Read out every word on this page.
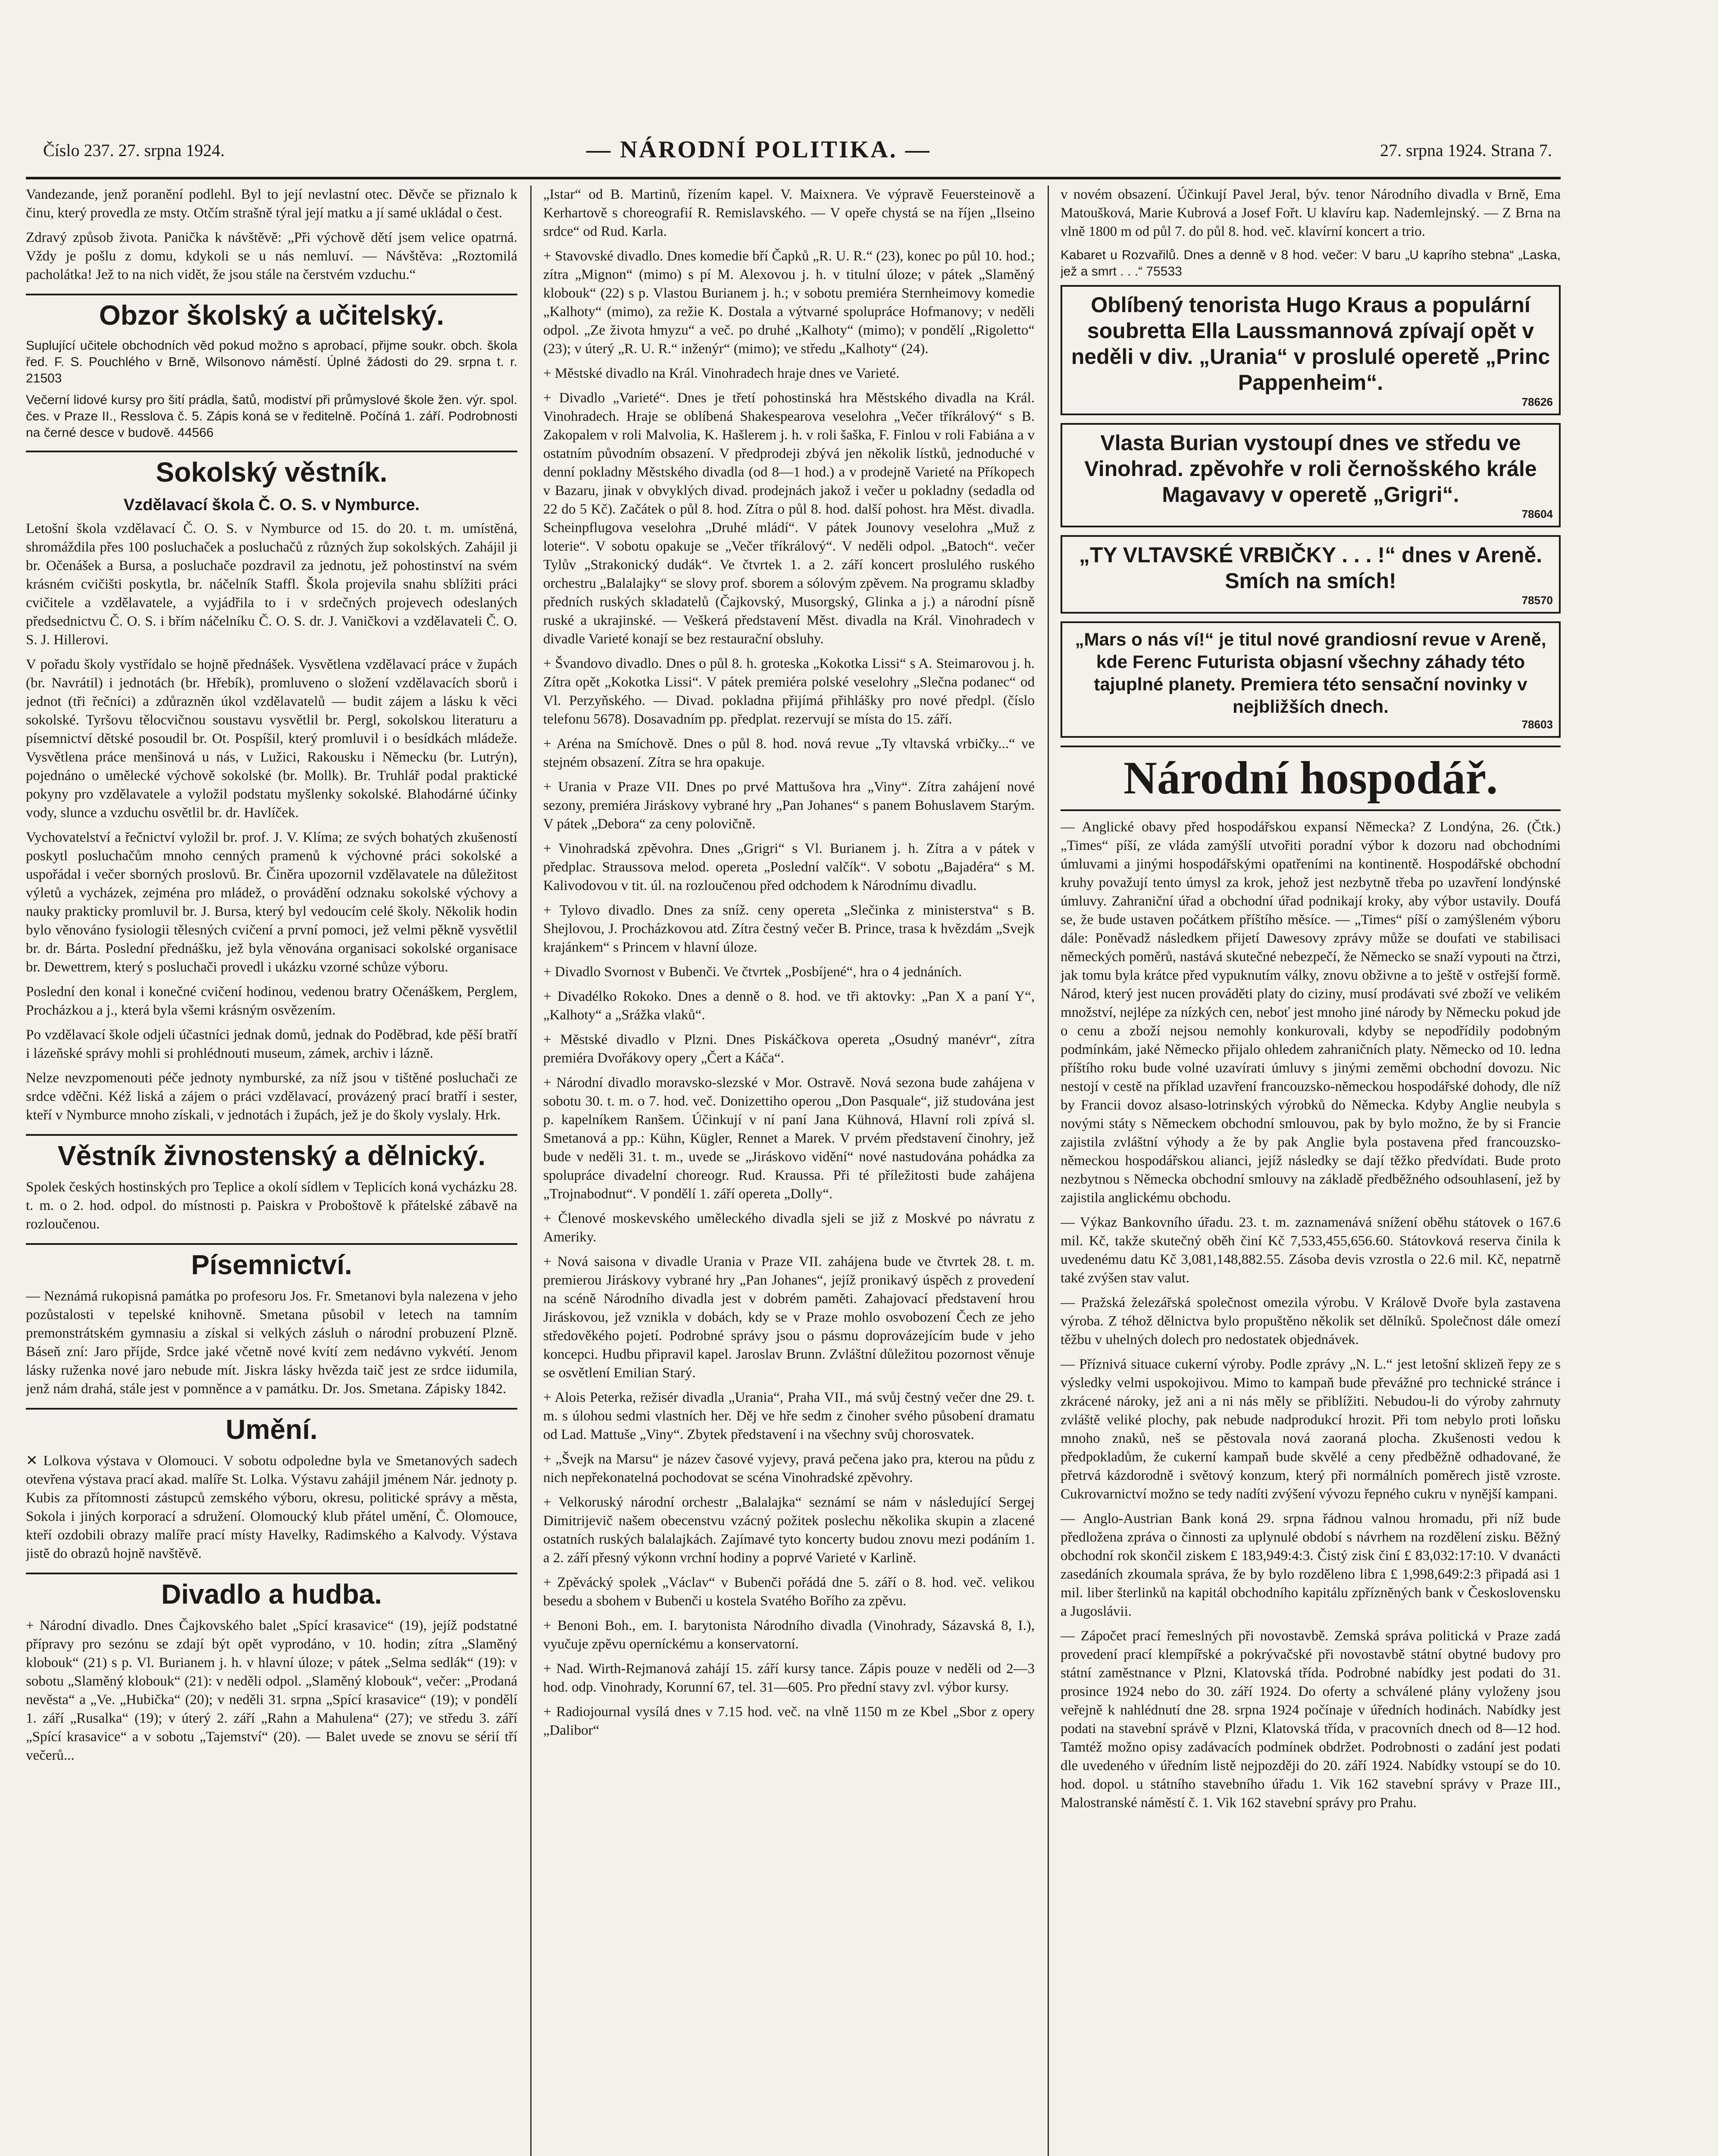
Číslo 237. 27. srpna 1924.	— NÁRODNÍ POLITIKA. —	27. srpna 1924. Strana 7.

Vandezande, jenž poranění podlehl. Byl to její nevlastní otec. Děvče se přiznalo k činu, který provedla ze msty. Otčím strašně týral její matku a jí samé ukládal o čest.

Zdravý způsob života. Panička k návštěvě: „Při výchově dětí jsem velice opatrná. Vždy je pošlu z domu, kdykoli se u nás nemluví. — Návštěva: „Roztomilá pacholátka! Jež to na nich vidět, že jsou stále na čerstvém vzduchu.“

Obzor školský a učitelský.

Suplující učitele obchodních věd pokud možno s aprobací, přijme soukr. obch. škola řed. F. S. Pouchlého v Brně, Wilsonovo náměstí. Úplné žádosti do 29. srpna t. r. 21503

Večerní lidové kursy pro šití prádla, šatů, modiství při průmyslové škole žen. výr. spol. čes. v Praze II., Resslova č. 5. Zápis koná se v ředitelně. Počíná 1. září. Podrobnosti na černé desce v budově. 44566

Sokolský věstník.
Vzdělavací škola Č. O. S. v Nymburce.

Letošní škola vzdělavací Č. O. S. v Nymburce od 15. do 20. t. m. umístěná, shromáždila přes 100 posluchaček a posluchačů z různých žup sokolských. Zahájil ji br. Očenášek a Bursa, a posluchače pozdravil za jednotu, jež pohostinství na svém krásném cvičišti poskytla, br. náčelník Staffl. Škola projevila snahu sblížiti práci cvičitele a vzdělavatele, a vyjádřila to i v srdečných projevech odeslaných předsednictvu Č. O. S. i břím náčelníku Č. O. S. dr. J. Vaničkovi a vzdělavateli Č. O. S. J. Hillerovi.

V pořadu školy vystřídalo se hojně přednášek. Vysvětlena vzdělavací práce v župách (br. Navrátil) i jednotách (br. Hřebík), promluveno o složení vzdělavacích sborů i jednot (tři řečníci) a zdůrazněn úkol vzdělavatelů — budit zájem a lásku k věci sokolské. Tyršovu tělocvičnou soustavu vysvětlil br. Pergl, sokolskou literaturu a písemnictví dětské posoudil br. Ot. Pospíšil, který promluvil i o besídkách mládeže. Vysvětlena práce menšinová u nás, v Lužici, Rakousku i Německu (br. Lutrýn), pojednáno o umělecké výchově sokolské (br. Mollk). Br. Truhlář podal praktické pokyny pro vzdělavatele a vyložil podstatu myšlenky sokolské. Blahodárné účinky vody, slunce a vzduchu osvětlil br. dr. Havlíček.

Vychovatelství a řečnictví vyložil br. prof. J. V. Klíma; ze svých bohatých zkušeností poskytl posluchačům mnoho cenných pramenů k výchovné práci sokolské a uspořádal i večer sborných proslovů. Br. Činěra upozornil vzdělavatele na důležitost výletů a vycházek, zejména pro mládež, o provádění odznaku sokolské výchovy a nauky prakticky promluvil br. J. Bursa, který byl vedoucím celé školy. Několik hodin bylo věnováno fysiologii tělesných cvičení a první pomoci, jež velmi pěkně vysvětlil br. dr. Bárta. Poslední přednášku, jež byla věnována organisaci sokolské organisace br. Dewettrem, který s posluchači provedl i ukázku vzorné schůze výboru.

Poslední den konal i konečné cvičení hodinou, vedenou bratry Očenáškem, Perglem, Procházkou a j., která byla všemi krásným osvězením.

Po vzdělavací škole odjeli účastníci jednak domů, jednak do Poděbrad, kde pěší bratří i lázeňské správy mohli si prohlédnouti museum, zámek, archiv i lázně.

Nelze nevzpomenouti péče jednoty nymburské, za níž jsou v tištěné posluchači ze srdce vděčni. Kéž liská a zájem o práci vzdělavací, provázený prací bratří i sester, kteří v Nymburce mnoho získali, v jednotách i župách, jež je do školy vyslaly. Hrk.

Věstník živnostenský a dělnický.

Spolek českých hostinských pro Teplice a okolí sídlem v Teplicích koná vycházku 28. t. m. o 2. hod. odpol. do místnosti p. Paiskra v Proboštově k přátelské zábavě na rozloučenou.

Písemnictví.

— Neznámá rukopisná památka po profesoru Jos. Fr. Smetanovi byla nalezena v jeho pozůstalosti v tepelské knihovně. Smetana působil v letech na tamním premonstrátském gymnasiu a získal si velkých zásluh o národní probuzení Plzně. Báseň zní: Jaro příjde, Srdce jaké včetně nové kvítí zem nedávno vykvétí. Jenom lásky ruženka nové jaro nebude mít. Jiskra lásky hvězda taič jest ze srdce iidumila, jenž nám drahá, stále jest v pomněnce a v památku. Dr. Jos. Smetana. Zápisky 1842.

Umění.

✕ Lolkova výstava v Olomouci. V sobotu odpoledne byla ve Smetanových sadech otevřena výstava prací akad. malíře St. Lolka. Výstavu zahájil jménem Nár. jednoty p. Kubis za přítomnosti zástupců zemského výboru, okresu, politické správy a města, Sokola i jiných korporací a sdružení. Olomoucký klub přátel umění, Č. Olomouce, kteří ozdobili obrazy malíře prací místy Havelky, Radimského a Kalvody. Výstava jistě do obrazů hojně navštěvě.

Divadlo a hudba.

+ Národní divadlo. Dnes Čajkovského balet „Spící krasavice“ (19), jejíž podstatné přípravy pro sezónu se zdají být opět vyprodáno, v 10. hodin; zítra „Slaměný klobouk“ (21) s p. Vl. Burianem j. h. v hlavní úloze; v pátek „Selma sedlák“ (19): v sobotu „Slaměný klobouk“ (21): v neděli odpol. „Slaměný klobouk“, večer: „Prodaná nevěsta“ a „Ve. „Hubička“ (20); v neděli 31. srpna „Spící krasavice“ (19); v pondělí 1. září „Rusalka“ (19); v úterý 2. září „Rahn a Mahulena“ (27); ve středu 3. září „Spící krasavice“ a v sobotu „Tajemství“ (20). — Balet uvede se znovu se sérií tří večerů...

„Istar“ od B. Martinů, řízením kapel. V. Maixnera. Ve výpravě Feuersteinově a Kerhartově s choreografií R. Remislavského. — V opeře chystá se na říjen „Ilseino srdce“ od Rud. Karla.

+ Stavovské divadlo. Dnes komedie bří Čapků „R. U. R.“ (23), konec po půl 10. hod.; zítra „Mignon“ (mimo) s pí M. Alexovou j. h. v titulní úloze; v pátek „Slaměný klobouk“ (22) s p. Vlastou Burianem j. h.; v sobotu premiéra Sternheimovy komedie „Kalhoty“ (mimo), za režie K. Dostala a výtvarné spolupráce Hofmanovy; v neděli odpol. „Ze života hmyzu“ a več. po druhé „Kalhoty“ (mimo); v pondělí „Rigoletto“ (23); v úterý „R. U. R.“ inženýr“ (mimo); ve středu „Kalhoty“ (24).

+ Městské divadlo na Král. Vinohradech hraje dnes ve Varieté.

+ Divadlo „Varieté“. Dnes je třetí pohostinská hra Městského divadla na Král. Vinohradech. Hraje se oblíbená Shakespearova veselohra „Večer tříkrálový“ s B. Zakopalem v roli Malvolia, K. Hašlerem j. h. v roli šaška, F. Finlou v roli Fabiána a v ostatním původním obsazení. V předprodeji zbývá jen několik lístků, jednoduché v denní pokladny Městského divadla (od 8—1 hod.) a v prodejně Varieté na Příkopech v Bazaru, jinak v obvyklých divad. prodejnách jakož i večer u pokladny (sedadla od 22 do 5 Kč). Začátek o půl 8. hod. Zítra o půl 8. hod. další pohost. hra Měst. divadla. Scheinpflugova veselohra „Druhé mládí“. V pátek Jounovy veselohra „Muž z loterie“. V sobotu opakuje se „Večer tříkrálový“. V neděli odpol. „Batoch“. večer Tylův „Strakonický dudák“. Ve čtvrtek 1. a 2. září koncert proslulého ruského orchestru „Balalajky“ se slovy prof. sborem a sólovým zpěvem. Na programu skladby předních ruských skladatelů (Čajkovský, Musorgský, Glinka a j.) a národní písně ruské a ukrajinské. — Veškerá představení Měst. divadla na Král. Vinohradech v divadle Varieté konají se bez restaurační obsluhy.

+ Švandovo divadlo. Dnes o půl 8. h. groteska „Kokotka Lissi“ s A. Steimarovou j. h. Zítra opět „Kokotka Lissi“. V pátek premiéra polské veselohry „Slečna podanec“ od Vl. Perzyňského. — Divad. pokladna přijímá přihlášky pro nové předpl. (číslo telefonu 5678). Dosavadním pp. předplat. rezervují se místa do 15. září.

+ Aréna na Smíchově. Dnes o půl 8. hod. nová revue „Ty vltavská vrbičky...“ ve stejném obsazení. Zítra se hra opakuje.

+ Urania v Praze VII. Dnes po prvé Mattušova hra „Viny“. Zítra zahájení nové sezony, premiéra Jiráskovy vybrané hry „Pan Johanes“ s panem Bohuslavem Starým. V pátek „Debora“ za ceny polovičně.

+ Vinohradská zpěvohra. Dnes „Grigri“ s Vl. Burianem j. h. Zítra a v pátek v předplac. Straussova melod. opereta „Poslední valčík“. V sobotu „Bajadéra“ s M. Kalivodovou v tit. úl. na rozloučenou před odchodem k Národnímu divadlu.

+ Tylovo divadlo. Dnes za sníž. ceny opereta „Slečinka z ministerstva“ s B. Shejlovou, J. Procházkovou atd. Zítra čestný večer B. Prince, trasa k hvězdám „Svejk krajánkem“ s Princem v hlavní úloze.

+ Divadlo Svornost v Bubenči. Ve čtvrtek „Posbíjené“, hra o 4 jednáních.

+ Divadélko Rokoko. Dnes a denně o 8. hod. ve tři aktovky: „Pan X a paní Y“, „Kalhoty“ a „Srážka vlaků“.

+ Městské divadlo v Plzni. Dnes Piskáčkova opereta „Osudný manévr“, zítra premiéra Dvořákovy opery „Čert a Káča“.

+ Národní divadlo moravsko-slezské v Mor. Ostravě. Nová sezona bude zahájena v sobotu 30. t. m. o 7. hod. več. Donizettiho operou „Don Pasquale“, již studována jest p. kapelníkem Ranšem. Účinkují v ní paní Jana Kühnová, Hlavní roli zpívá sl. Smetanová a pp.: Kühn, Kügler, Rennet a Marek. V prvém představení činohry, jež bude v neděli 31. t. m., uvede se „Jiráskovo vidění“ nové nastudována pohádka za spolupráce divadelní choreogr. Rud. Kraussa. Při té příležitosti bude zahájena „Trojnabodnut“. V pondělí 1. září opereta „Dolly“.

+ Členové moskevského uměleckého divadla sjeli se již z Moskvé po návratu z Ameriky.

+ Nová saisona v divadle Urania v Praze VII. zahájena bude ve čtvrtek 28. t. m. premierou Jiráskovy vybrané hry „Pan Johanes“, jejíž pronikavý úspěch z provedení na scéně Národního divadla jest v dobrém paměti. Zahajovací představení hrou Jiráskovou, jež vznikla v dobách, kdy se v Praze mohlo osvobození Čech ze jeho středověkého pojetí. Podrobné správy jsou o pásmu doprovázejícím bude v jeho koncepci. Hudbu připravil kapel. Jaroslav Brunn. Zvláštní důležitou pozornost věnuje se osvětlení Emilian Starý.

+ Alois Peterka, režisér divadla „Urania“, Praha VII., má svůj čestný večer dne 29. t. m. s úlohou sedmi vlastních her. Děj ve hře sedm z činoher svého působení dramatu od Lad. Mattuše „Viny“. Zbytek představení i na všechny svůj chorosvatek.

+ „Švejk na Marsu“ je název časové vyjevy, pravá pečena jako pra, kterou na půdu z nich nepřekonatelná pochodovat se scéna Vinohradské zpěvohry.

+ Velkoruský národní orchestr „Balalajka“ seznámí se nám v následující Sergej Dimitrijevič našem obecenstvu vzácný požitek poslechu několika skupin a zlacené ostatních ruských balalajkách. Zajímavé tyto koncerty budou znovu mezi podáním 1. a 2. září přesný výkonn vrchní hodiny a poprvé Varieté v Karlině.

+ Zpěvácký spolek „Václav“ v Bubenči pořádá dne 5. září o 8. hod. več. velikou besedu a sbohem v Bubenči u kostela Svatého Bořího za zpěvu.

+ Benoni Boh., em. I. barytonista Národního divadla (Vinohrady, Sázavská 8, I.), vyučuje zpěvu operníckému a konservatorní.

+ Nad. Wirth-Rejmanová zahájí 15. září kursy tance. Zápis pouze v neděli od 2—3 hod. odp. Vinohrady, Korunní 67, tel. 31—605. Pro přední stavy zvl. výbor kursy.

+ Radiojournal vysílá dnes v 7.15 hod. več. na vlně 1150 m ze Kbel „Sbor z opery „Dalibor“

v novém obsazení. Účinkují Pavel Jeral, býv. tenor Národního divadla v Brně, Ema Matoušková, Marie Kubrová a Josef Fořt. U klavíru kap. Nademlejnský. — Z Brna na vlně 1800 m od půl 7. do půl 8. hod. več. klavírní koncert a trio.

Kabaret u Rozvařilů. Dnes a denně v 8 hod. večer: V baru „U kaprího stebna“ „Laska, jež a smrt . . .“ 75533

Oblíbený tenorista Hugo Kraus a populární soubretta Ella Laussmannová zpívají opět v neděli v div. „Urania“ v proslulé operetě „Princ Pappenheim“.
78626
Vlasta Burian vystoupí dnes ve středu ve Vinohrad. zpěvohře v roli černošského krále Magavavy v operetě „Grigri“.
78604
„TY VLTAVSKÉ VRBIČKY . . . !“ dnes v Areně. Smích na smích!
78570
„Mars o nás ví!“ je titul nové grandiosní revue v Areně, kde Ferenc Futurista objasní všechny záhady této tajuplné planety. Premiera této sensační novinky v nejbližších dnech.
78603
Národní hospodář.

— Anglické obavy před hospodářskou expansí Německa? Z Londýna, 26. (Čtk.) „Times“ píší, ze vláda zamýšlí utvořiti poradní výbor k dozoru nad obchodními úmluvami a jinými hospodářskými opatřeními na kontinentě. Hospodářské obchodní kruhy považují tento úmysl za krok, jehož jest nezbytně třeba po uzavření londýnské úmluvy. Zahraniční úřad a obchodní úřad podnikají kroky, aby výbor ustavily. Doufá se, že bude ustaven počátkem příštího měsíce. — „Times“ píší o zamýšleném výboru dále: Poněvadž následkem přijetí Dawesovy zprávy může se doufati ve stabilisaci německých poměrů, nastává skutečné nebezpečí, že Německo se snaží vypouti na čtrzi, jak tomu byla krátce před vypuknutím války, znovu obživne a to ještě v ostřejší formě. Národ, který jest nucen prováděti platy do ciziny, musí prodávati své zboží ve velikém množství, nejlépe za nízkých cen, neboť jest mnoho jiné národy by Německu pokud jde o cenu a zboží nejsou nemohly konkurovali, kdyby se nepodřídily podobným podmínkám, jaké Německo přijalo ohledem zahraničních platy. Německo od 10. ledna příštího roku bude volné uzavírati úmluvy s jinými zeměmi obchodní dovozu. Nic nestojí v cestě na příklad uzavření francouzsko-německou hospodářské dohody, dle níž by Francii dovoz alsaso-lotrinských výrobků do Německa. Kdyby Anglie neubyla s novými státy s Německem obchodní smlouvou, pak by bylo možno, že by si Francie zajistila zvláštní výhody a že by pak Anglie byla postavena před francouzsko-německou hospodářskou alianci, jejíž následky se dají těžko předvídati. Bude proto nezbytnou s Německa obchodní smlouvy na základě předběžného odsouhlasení, jež by zajistila anglickému obchodu.

— Výkaz Bankovního úřadu. 23. t. m. zaznamenává snížení oběhu státovek o 167.6 mil. Kč, takže skutečný oběh činí Kč 7,533,455,656.60. Státovková reserva činila k uvedenému datu Kč 3,081,148,882.55. Zásoba devis vzrostla o 22.6 mil. Kč, nepatrně také zvýšen stav valut.

— Pražská železářská společnost omezila výrobu. V Králově Dvoře byla zastavena výroba. Z téhož dělnictva bylo propuštěno několik set dělníků. Společnost dále omezí těžbu v uhelných dolech pro nedostatek objednávek.

— Příznivá situace cukerní výroby. Podle zprávy „N. L.“ jest letošní sklizeň řepy ze s výsledky velmi uspokojivou. Mimo to kampaň bude převážné pro technické stránce i zkrácené nároky, jež ani a ni nás měly se přiblížiti. Nebudou-li do výroby zahrnuty zvláště veliké plochy, pak nebude nadprodukcí hrozit. Při tom nebylo proti loňsku mnoho znaků, neš se pěstovala nová zaoraná plocha. Zkušenosti vedou k předpokladům, že cukerní kampaň bude skvělé a ceny předběžně odhadované, že přetrvá kázdorodně i světový konzum, který při normálních poměrech jistě vzroste. Cukrovarnictví možno se tedy nadíti zvýšení vývozu řepného cukru v nynější kampani.

— Anglo-Austrian Bank koná 29. srpna řádnou valnou hromadu, při níž bude předložena zpráva o činnosti za uplynulé období s návrhem na rozdělení zisku. Běžný obchodní rok skončil ziskem £ 183,949:4:3. Čistý zisk činí £ 83,032:17:10. V dvanácti zasedáních zkoumala správa, že by bylo rozděleno libra £ 1,998,649:2:3 připadá asi 1 mil. liber šterlinků na kapitál obchodního kapitálu zpřízněných bank v Československu a Jugoslávii.

— Zápočet prací řemeslných při novostavbě. Zemská správa politická v Praze zadá provedení prací klempířské a pokrývačské při novostavbě státní obytné budovy pro státní zaměstnance v Plzni, Klatovská třída. Podrobné nabídky jest podati do 31. prosince 1924 nebo do 30. září 1924. Do oferty a schválené plány vyloženy jsou veřejně k nahlédnutí dne 28. srpna 1924 počínaje v úředních hodinách. Nabídky jest podati na stavební správě v Plzni, Klatovská třída, v pracovních dnech od 8—12 hod. Tamtéž možno opisy zadávacích podmínek obdržet. Podrobnosti o zadání jest podati dle uvedeného v úředním listě nejpozději do 20. září 1924. Nabídky vstoupí se do 10. hod. dopol. u státního stavebního úřadu 1. Vik 162 stavební správy v Praze III., Malostranské náměstí č. 1. Vik 162 stavební správy pro Prahu.
